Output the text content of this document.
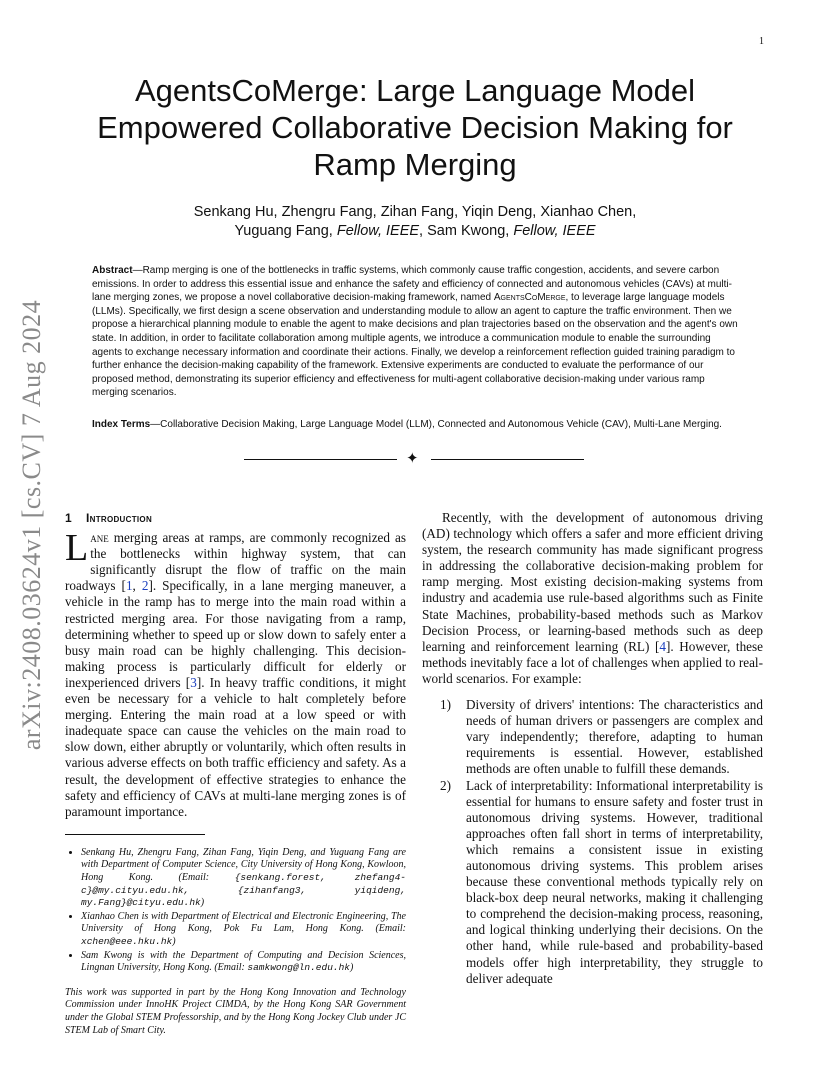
1
arXiv:2408.03624v1 [cs.CV] 7 Aug 2024
AgentsCoMerge: Large Language Model Empowered Collaborative Decision Making for Ramp Merging
Senkang Hu, Zhengru Fang, Zihan Fang, Yiqin Deng, Xianhao Chen,
Yuguang Fang, Fellow, IEEE, Sam Kwong, Fellow, IEEE
Abstract—Ramp merging is one of the bottlenecks in traffic systems, which commonly cause traffic congestion, accidents, and severe carbon emissions. In order to address this essential issue and enhance the safety and efficiency of connected and autonomous vehicles (CAVs) at multi-lane merging zones, we propose a novel collaborative decision-making framework, named AgentsCoMerge, to leverage large language models (LLMs). Specifically, we first design a scene observation and understanding module to allow an agent to capture the traffic environment. Then we propose a hierarchical planning module to enable the agent to make decisions and plan trajectories based on the observation and the agent's own state. In addition, in order to facilitate collaboration among multiple agents, we introduce a communication module to enable the surrounding agents to exchange necessary information and coordinate their actions. Finally, we develop a reinforcement reflection guided training paradigm to further enhance the decision-making capability of the framework. Extensive experiments are conducted to evaluate the performance of our proposed method, demonstrating its superior efficiency and effectiveness for multi-agent collaborative decision-making under various ramp merging scenarios.
Index Terms—Collaborative Decision Making, Large Language Model (LLM), Connected and Autonomous Vehicle (CAV), Multi-Lane Merging.
✦
1 Introduction

Lane merging areas at ramps, are commonly recognized as the bottlenecks within highway system, that can significantly disrupt the flow of traffic on the main roadways [1, 2]. Specifically, in a lane merging maneuver, a vehicle in the ramp has to merge into the main road within a restricted merging area. For those navigating from a ramp, determining whether to speed up or slow down to safely enter a busy main road can be highly challenging. This decision-making process is particularly difficult for elderly or inexperienced drivers [3]. In heavy traffic conditions, it might even be necessary for a vehicle to halt completely before merging. Entering the main road at a low speed or with inadequate space can cause the vehicles on the main road to slow down, either abruptly or voluntarily, which often results in various adverse effects on both traffic efficiency and safety. As a result, the development of effective strategies to enhance the safety and efficiency of CAVs at multi-lane merging zones is of paramount importance.

• Senkang Hu, Zhengru Fang, Zihan Fang, Yiqin Deng, and Yuguang Fang are with Department of Computer Science, City University of Hong Kong, Kowloon, Hong Kong. (Email: {senkang.forest, zhefang4-c}@my.cityu.edu.hk, {zihanfang3, yiqideng, my.Fang}@cityu.edu.hk)
• Xianhao Chen is with Department of Electrical and Electronic Engineering, The University of Hong Kong, Pok Fu Lam, Hong Kong. (Email: xchen@eee.hku.hk)
• Sam Kwong is with the Department of Computing and Decision Sciences, Lingnan University, Hong Kong. (Email: samkwong@ln.edu.hk)
This work was supported in part by the Hong Kong Innovation and Technology Commission under InnoHK Project CIMDA, by the Hong Kong SAR Government under the Global STEM Professorship, and by the Hong Kong Jockey Club under JC STEM Lab of Smart City.

Recently, with the development of autonomous driving (AD) technology which offers a safer and more efficient driving system, the research community has made significant progress in addressing the collaborative decision-making problem for ramp merging. Most existing decision-making systems from industry and academia use rule-based algorithms such as Finite State Machines, probability-based methods such as Markov Decision Process, or learning-based methods such as deep learning and reinforcement learning (RL) [4]. However, these methods inevitably face a lot of challenges when applied to real-world scenarios. For example:

1) Diversity of drivers' intentions: The characteristics and needs of human drivers or passengers are complex and vary independently; therefore, adapting to human requirements is essential. However, established methods are often unable to fulfill these demands.
2) Lack of interpretability: Informational interpretability is essential for humans to ensure safety and foster trust in autonomous driving systems. However, traditional approaches often fall short in terms of interpretability, which remains a consistent issue in existing autonomous driving systems. This problem arises because these conventional methods typically rely on black-box deep neural networks, making it challenging to comprehend the decision-making process, reasoning, and logical thinking underlying their decisions. On the other hand, while rule-based and probability-based models offer high interpretability, they struggle to deliver adequate
